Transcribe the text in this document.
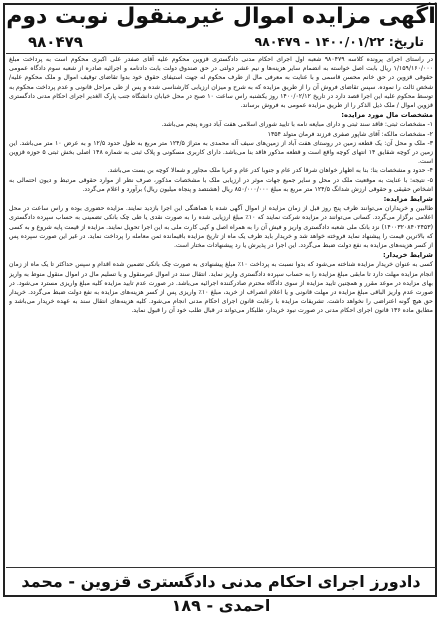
آگهی مزایده اموال غیرمنقول نوبت دوم
تاریخ: ۱۴۰۰/۰۱/۲۲ - ۹۸۰۴۷۹
۹۸۰۴۷۹

در راستای اجرای پرونده کلاسه ۹۸۰۴۷۹ شعبه اول اجرای احکام مدنی دادگستری قزوین محکوم علیه آقای صفدر علی اکبری محکوم است به پرداخت مبلغ ۱/۱۵۹/۱۶۰/۰۰۰ ریال بابت اصل خواسته به انضمام سایر هزینه‌ها و نیم عشر دولتی در حق صندوق دولت بابت دادنامه و اجرائیه صادره از شعبه سوم دادگاه عمومی حقوقی قزوین در حق خانم محسن قاسمی و با عنایت به معرفی مال از طرف محکوم له جهت استیفای حقوق خود بدوا تقاضای توقیف اموال و ملک محکوم علیه/ شخص ثالث را نموده. سپس تقاضای فروش آن را از طریق مزایده که به شرح و میزان ارزیابی کارشناسی شده و پس از طی مراحل قانونی و عدم پرداخت محکوم به توسط محکوم علیه این اجرا قصد دارد در تاریخ ۱۴۰۰/۰۲/۱۲ روز یکشنبه راس ساعت ۱۰ صبح در محل خیابان دانشگاه جنب پارک الغدیر اجرای احکام مدنی دادگستری قزوین اموال / ملک ذیل الذکر را از طریق مزایده عمومی به فروش برساند.

مشخصات مال مورد مزایده:

۱- مشخصات ثبتی: فاقد سند ثبتی و دارای مبایعه نامه با تایید شورای اسلامی هفت آباد دوره پنجم می‌باشد.

۲- مشخصات مالکه: آقای شاپور صفری فرزند فرمان متولد ۱۳۵۴

۳- ملک و محل آن: یک قطعه زمین در روستای هفت آباد از زمین‌های سیف آله محمدی به متراژ ۱۲۴/۵ متر مربع به طول حدود ۱۲/۵ و به عرض ۱۰ متر می‌باشد. این زمین در کوچه شقایق ۱۴ انتهای کوچه واقع است و قطعه مذکور فاقد بنا می‌باشد. دارای کاربری مسکونی و پلاک ثبتی به شماره ۱۴۸ اصلی بخش ثبتی ۵ حوزه قزوین است.

۴- حدود و مشخصات بنا: بنا به اظهار خواهان شرقا کدر عام و جنوبا کدر عام و غربا ملک مجاور و شمالا کوچه بن بست می‌باشد.

۵- نتیجه: با عنایت به موقعیت ملک در محل و سایر جمیع جهات موثر در ارزیابی ملک با مشخصات مذکور، صرف نظر از موارد حقوقی مرتبط و دیون احتمالی به اشخاص حقیقی و حقوقی ارزش شدانگ ۱۲۴/۵ متر مربع به مبلغ ۸۵۰/۰۰۰/۰۰۰ ریال (هشتصد و پنجاه میلیون ریال) برآورد و اعلام می‌گردد.

شرایط مزایده:

طالبین و خریداران می‌توانند ظرف پنج روز قبل از زمان مزایده از اموال آگهی شده با هماهنگی این اجرا بازدید نمایند. مزایده حضوری بوده و راس ساعت در محل اعلامی برگزار می‌گردد. کسانی می‌توانند در مزایده شرکت نمایند که ۱۰٪ مبلغ ارزیابی شده را به صورت نقدی یا طی چک بانکی تضمینی به حساب سپرده دادگستری (۱۴۰۰۳۲۰۸۴۰۲۴۵۳) نزد بانک ملی شعبه دادگستری واریز و فیش آن را به همراه اصل و کپی کارت ملی به این اجرا تحویل نمایند. مزایده از قیمت پایه شروع و به کسی که بالاترین قیمت را پیشنهاد نماید فروخته خواهد شد و خریدار باید ظرف یک ماه از تاریخ مزایده باقیمانده ثمن معامله را پرداخت نماید. در غیر این صورت سپرده پس از کسر هزینه‌های مزایده به نفع دولت ضبط می‌گردد. این اجرا در پذیرش یا رد پیشنهادات مختار است.

شرایط خریدار:

کسی به عنوان خریدار مزایده شناخته می‌شود که بدوا نسبت به پرداخت ۱۰٪ مبلغ پیشنهادی به صورت چک بانکی تضمین شده اقدام و سپس حداکثر تا یک ماه از زمان انجام مزایده مهلت دارد تا مابقی مبلغ مزایده را به حساب سپرده دادگستری واریز نماید. انتقال سند در اموال غیرمنقول و یا تسلیم مال در اموال منقول منوط به واریز بهای مزایده در موعد مقرر و همچنین تایید مزایده از سوی دادگاه محترم صادرکننده اجرائیه می‌باشد. در صورت عدم تایید مزایده کلیه مبلغ واریزی مسترد می‌شود. در صورت عدم واریز الباقی مبلغ مزایده در مهلت قانونی و یا اعلام انصراف از خرید، مبلغ ۱۰٪ واریزی پس از کسر هزینه‌های مزایده به نفع دولت ضبط می‌گردد. خریدار حق هیچ گونه اعتراضی را نخواهد داشت. تشریفات مزایده با رعایت قانون اجرای احکام مدنی انجام می‌شود. کلیه هزینه‌های انتقال سند به عهده خریدار می‌باشد و مطابق ماده ۱۳۶ قانون اجرای احکام مدنی در صورت نبود خریدار، طلبکار می‌تواند در قبال طلب خود آن را قبول نماید.

دادورز اجرای احکام مدنی دادگستری قزوین - محمد احمدی - ۱۸۹
